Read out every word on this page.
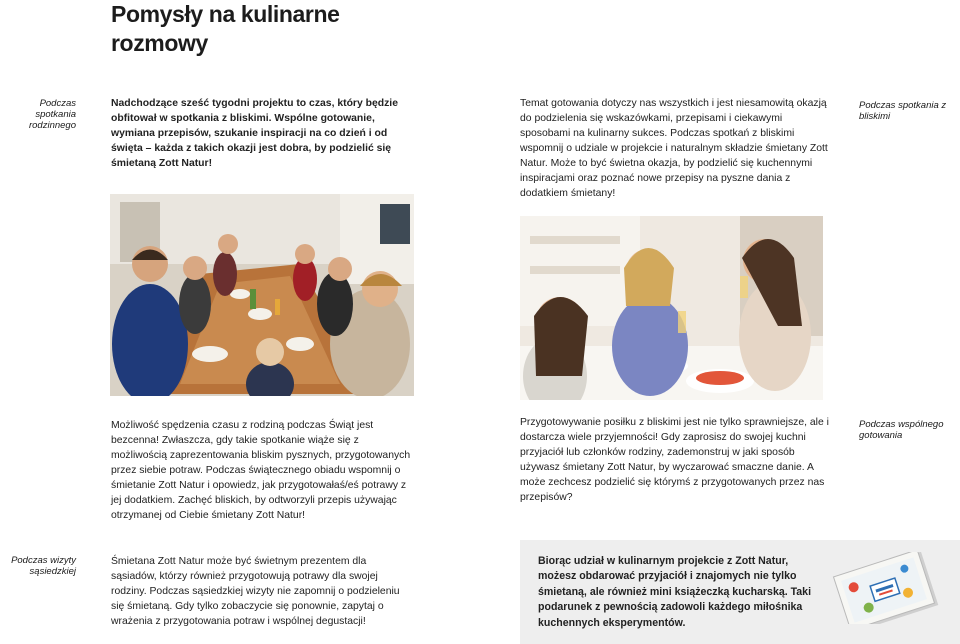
Pomysły na kulinarne rozmowy
Podczas spotkania rodzinnego
Podczas wizyty sąsiedzkiej
Podczas spotkania z bliskimi
Podczas wspólnego gotowania
Nadchodzące sześć tygodni projektu to czas, który będzie obfitował w spotkania z bliskimi. Wspólne gotowanie, wymiana przepisów, szukanie inspiracji na co dzień i od święta – każda z takich okazji jest dobra, by podzielić się śmietaną Zott Natur!
Temat gotowania dotyczy nas wszystkich i jest niesamowitą okazją do podzielenia się wskazówkami, przepisami i ciekawymi sposobami na kulinarny sukces. Podczas spotkań z bliskimi wspomnij o udziale w projekcie i naturalnym składzie śmietany Zott Natur. Może to być świetna okazja, by podzielić się kuchennymi inspiracjami oraz poznać nowe przepisy na pyszne dania z dodatkiem śmietany!
Możliwość spędzenia czasu z rodziną podczas Świąt jest bezcenna! Zwłaszcza, gdy takie spotkanie wiąże się z możliwością zaprezentowania bliskim pysznych, przygotowanych przez siebie potraw. Podczas świątecznego obiadu wspomnij o śmietanie Zott Natur i opowiedz, jak przygotowałaś/eś potrawy z jej dodatkiem. Zachęć bliskich, by odtworzyli przepis używając otrzymanej od Ciebie śmietany Zott Natur!
Przygotowywanie posiłku z bliskimi jest nie tylko sprawniejsze, ale i dostarcza wiele przyjemności! Gdy zaprosisz do swojej kuchni przyjaciół lub członków rodziny, zademonstruj w jaki sposób używasz śmietany Zott Natur, by wyczarować smaczne danie. A może zechcesz podzielić się którymś z przygotowanych przez nas przepisów?
Śmietana Zott Natur może być świetnym prezentem dla sąsiadów, którzy również przygotowują potrawy dla swojej rodziny. Podczas sąsiedzkiej wizyty nie zapomnij o podzieleniu się śmietaną. Gdy tylko zobaczycie się ponownie, zapytaj o wrażenia z przygotowania potraw i wspólnej degustacji!
Biorąc udział w kulinarnym projekcie z Zott Natur, możesz obdarować przyjaciół i znajomych nie tylko śmietaną, ale również mini książeczką kucharską. Taki podarunek z pewnością zadowoli każdego miłośnika kuchennych eksperymentów.
